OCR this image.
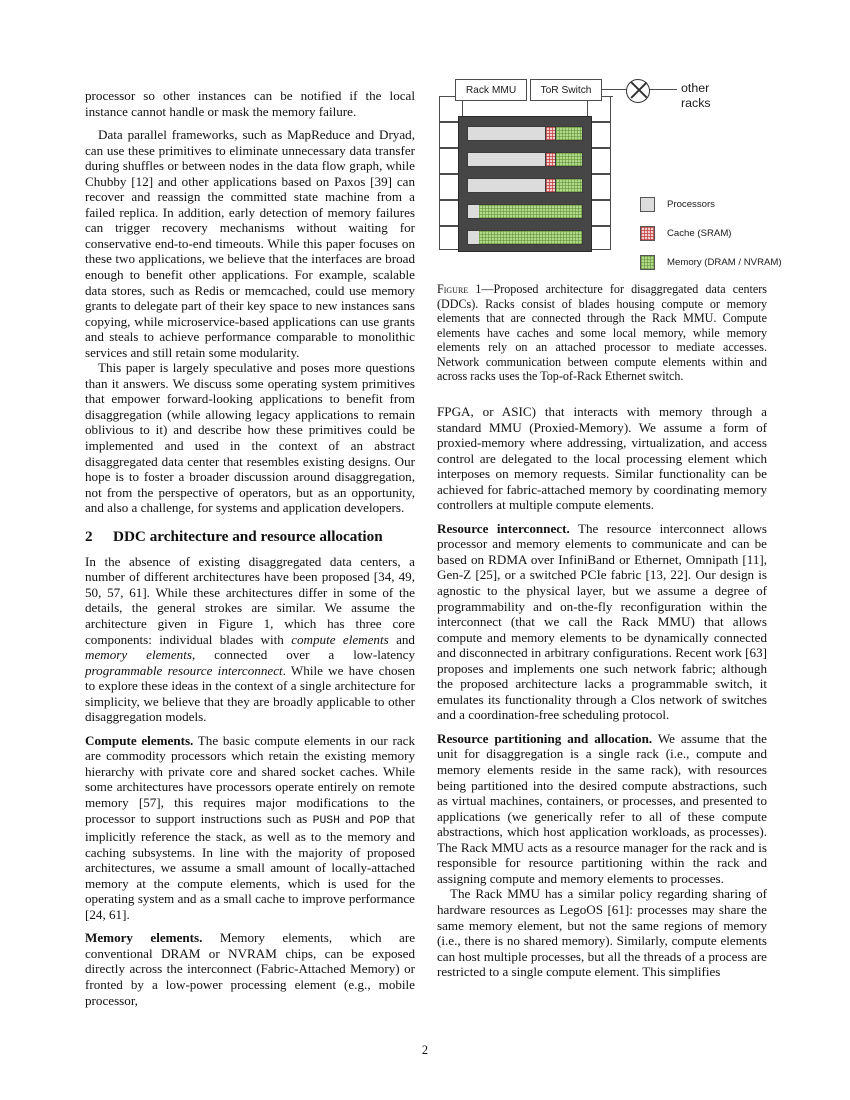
processor so other instances can be notified if the local instance cannot handle or mask the memory failure.

Data parallel frameworks, such as MapReduce and Dryad, can use these primitives to eliminate unnecessary data transfer during shuffles or between nodes in the data flow graph, while Chubby [12] and other applications based on Paxos [39] can recover and reassign the committed state machine from a failed replica. In addition, early detection of memory failures can trigger recovery mechanisms without waiting for conservative end-to-end timeouts. While this paper focuses on these two applications, we believe that the interfaces are broad enough to benefit other applications. For example, scalable data stores, such as Redis or memcached, could use memory grants to delegate part of their key space to new instances sans copying, while microservice-based applications can use grants and steals to achieve performance comparable to monolithic services and still retain some modularity.

This paper is largely speculative and poses more questions than it answers. We discuss some operating system primitives that empower forward-looking applications to benefit from disaggregation (while allowing legacy applications to remain oblivious to it) and describe how these primitives could be implemented and used in the context of an abstract disaggregated data center that resembles existing designs. Our hope is to foster a broader discussion around disaggregation, not from the perspective of operators, but as an opportunity, and also a challenge, for systems and application developers.

2	DDC architecture and resource allocation

In the absence of existing disaggregated data centers, a number of different architectures have been proposed [34, 49, 50, 57, 61]. While these architectures differ in some of the details, the general strokes are similar. We assume the architecture given in Figure 1, which has three core components: individual blades with compute elements and memory elements, connected over a low-latency programmable resource interconnect. While we have chosen to explore these ideas in the context of a single architecture for simplicity, we believe that they are broadly applicable to other disaggregation models.

Compute elements. The basic compute elements in our rack are commodity processors which retain the existing memory hierarchy with private core and shared socket caches. While some architectures have processors operate entirely on remote memory [57], this requires major modifications to the processor to support instructions such as PUSH and POP that implicitly reference the stack, as well as to the memory and caching subsystems. In line with the majority of proposed architectures, we assume a small amount of locally-attached memory at the compute elements, which is used for the operating system and as a small cache to improve performance [24, 61].

Memory elements. Memory elements, which are conventional DRAM or NVRAM chips, can be exposed directly across the interconnect (Fabric-Attached Memory) or fronted by a low-power processing element (e.g., mobile processor,

Rack MMU ToR Switch	other
racks
Processors
Cache (SRAM)
Memory (DRAM / NVRAM)
Figure 1—Proposed architecture for disaggregated data centers (DDCs). Racks consist of blades housing compute or memory elements that are connected through the Rack MMU. Compute elements have caches and some local memory, while memory elements rely on an attached processor to mediate accesses. Network communication between compute elements within and across racks uses the Top-of-Rack Ethernet switch.

FPGA, or ASIC) that interacts with memory through a standard MMU (Proxied-Memory). We assume a form of proxied-memory where addressing, virtualization, and access control are delegated to the local processing element which interposes on memory requests. Similar functionality can be achieved for fabric-attached memory by coordinating memory controllers at multiple compute elements.

Resource interconnect. The resource interconnect allows processor and memory elements to communicate and can be based on RDMA over InfiniBand or Ethernet, Omnipath [11], Gen-Z [25], or a switched PCIe fabric [13, 22]. Our design is agnostic to the physical layer, but we assume a degree of programmability and on-the-fly reconfiguration within the interconnect (that we call the Rack MMU) that allows compute and memory elements to be dynamically connected and disconnected in arbitrary configurations. Recent work [63] proposes and implements one such network fabric; although the proposed architecture lacks a programmable switch, it emulates its functionality through a Clos network of switches and a coordination-free scheduling protocol.

Resource partitioning and allocation. We assume that the unit for disaggregation is a single rack (i.e., compute and memory elements reside in the same rack), with resources being partitioned into the desired compute abstractions, such as virtual machines, containers, or processes, and presented to applications (we generically refer to all of these compute abstractions, which host application workloads, as processes). The Rack MMU acts as a resource manager for the rack and is responsible for resource partitioning within the rack and assigning compute and memory elements to processes.

The Rack MMU has a similar policy regarding sharing of hardware resources as LegoOS [61]: processes may share the same memory element, but not the same regions of memory (i.e., there is no shared memory). Similarly, compute elements can host multiple processes, but all the threads of a process are restricted to a single compute element. This simplifies

2
